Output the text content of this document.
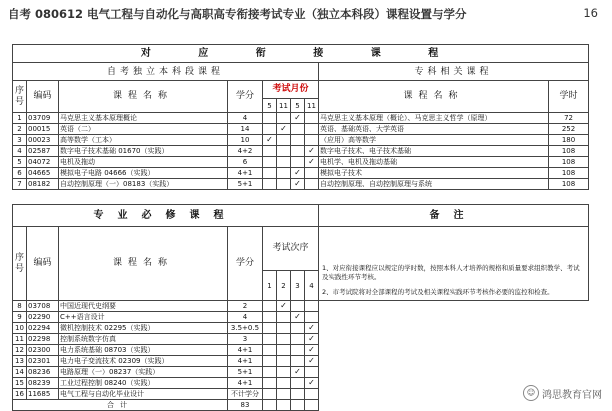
自考 080612 电气工程与自动化与高职高专衔接考试专业（独立本科段）课程设置与学分	16
对 应 衔 接 课 程									
自考独立本科段课程								专科相关课程	
序号	编码	课程名称	学分	考试月份				课程名称	学时
				5	11	5	11		
1	03709	马克思主义基本原理概论	4			✓		马克思主义基本原理（概论）、马克思主义哲学（原理）	72
2	00015	英语（二）	14		✓			英语、基础英语、大学英语	252
3	00023	高等数学（工本）	10	✓				（应用）高等数学	180
4	02587	数字电子技术基础 01670（实践）	4+2				✓	数字电子技术、电子技术基础	108
5	04072	电机及拖动	6				✓	电机学、电机及拖动基础	108
6	04665	模拟电子电路 04666（实践）	4+1			✓		模拟电子技术	108
7	08182	自动控制原理（一）08183（实践）	5+1			✓		自动控制原理、自动控制原理与系统	108
专业必修课程								备注
序号	编码	课程名称	学分	考试次序				1、对应衔接课程应以规定的学时数，按照本科人才培养的规格和质量要求组织教学、考试及实践性环节考核。
2、市考试院将对全部课程的考试及相关课程实践环节考核作必要的监控和检查。

				1	2	3	4	
8	03708	中国近现代史纲要	2		✓			
9	02290	C++语言设计	4			✓		
10	02294	微机控制技术 02295（实践）	3.5+0.5				✓	
11	02298	控制系统数字仿真	3				✓	
12	02300	电力系统基础 08703（实践）	4+1				✓	
13	02301	电力电子变流技术 02309（实践）	4+1				✓	
14	08236	电路原理（一）08237（实践）	5+1			✓		
15	08239	工业过程控制 08240（实践）	4+1				✓	
16	11685	电气工程与自动化毕业设计	不计学分					
合计			83					
☺ 鸿思教育官网
